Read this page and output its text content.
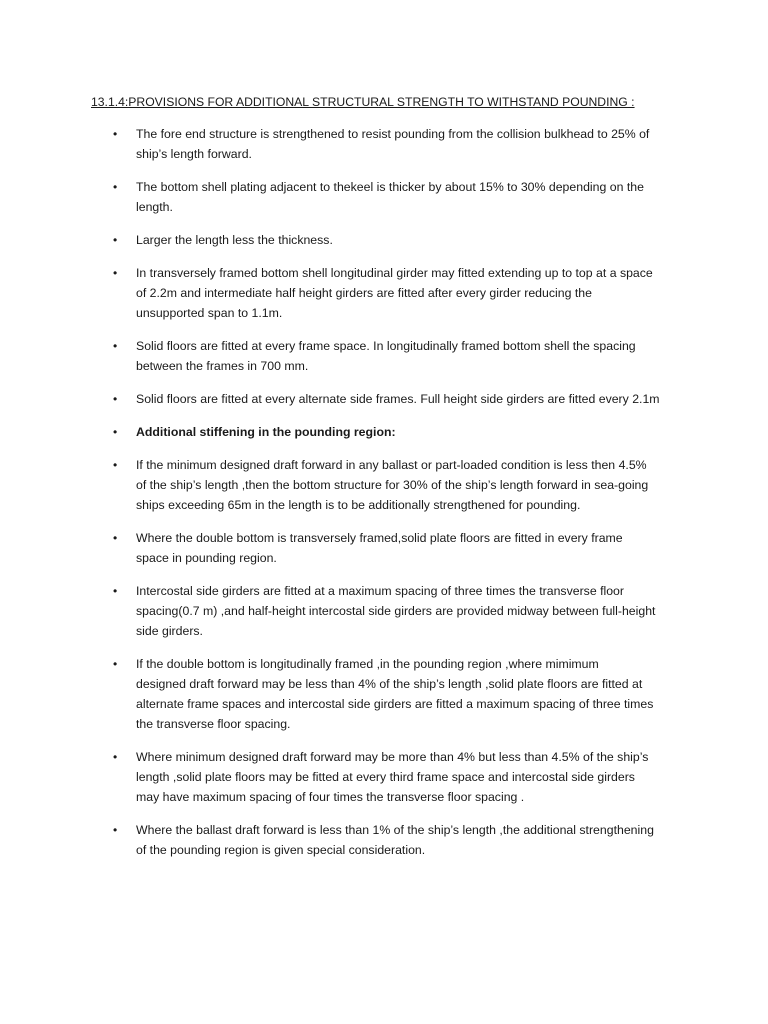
13.1.4:PROVISIONS FOR ADDITIONAL STRUCTURAL STRENGTH TO WITHSTAND POUNDING :
• The fore end structure is strengthened to resist pounding from the collision bulkhead to 25% of
ship’s length forward.
• The bottom shell plating adjacent to thekeel is thicker by about 15% to 30% depending on the
length.
• Larger the length less the thickness.
• In transversely framed bottom shell longitudinal girder may fitted extending up to top at a space
of 2.2m and intermediate half height girders are fitted after every girder reducing the
unsupported span to 1.1m.
• Solid floors are fitted at every frame space. In longitudinally framed bottom shell the spacing
between the frames in 700 mm.
• Solid floors are fitted at every alternate side frames. Full height side girders are fitted every 2.1m
• Additional stiffening in the pounding region:
• If the minimum designed draft forward in any ballast or part-loaded condition is less then 4.5%
of the ship’s length ,then the bottom structure for 30% of the ship’s length forward in sea-going
ships exceeding 65m in the length is to be additionally strengthened for pounding.
• Where the double bottom is transversely framed,solid plate floors are fitted in every frame
space in pounding region.
• Intercostal side girders are fitted at a maximum spacing of three times the transverse floor
spacing(0.7 m) ,and half-height intercostal side girders are provided midway between full-height
side girders.
• If the double bottom is longitudinally framed ,in the pounding region ,where mimimum
designed draft forward may be less than 4% of the ship’s length ,solid plate floors are fitted at
alternate frame spaces and intercostal side girders are fitted a maximum spacing of three times
the transverse floor spacing.
• Where minimum designed draft forward may be more than 4% but less than 4.5% of the ship’s
length ,solid plate floors may be fitted at every third frame space and intercostal side girders
may have maximum spacing of four times the transverse floor spacing .
• Where the ballast draft forward is less than 1% of the ship’s length ,the additional strengthening
of the pounding region is given special consideration.
